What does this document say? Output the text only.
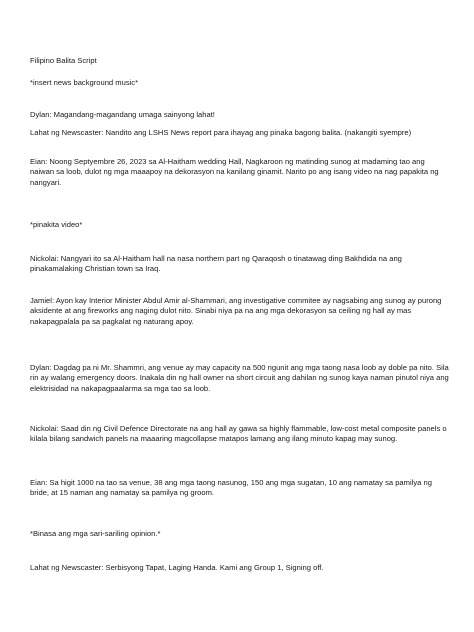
Filipino Balita Script

*insert news background music*

Dylan: Magandang-magandang umaga sainyong lahat!

Lahat ng Newscaster: Nandito ang LSHS News report para ihayag ang pinaka bagong balita. (nakangiti syempre)

Eian: Noong Septyembre 26, 2023 sa Al-Haitham wedding Hall, Nagkaroon ng matinding sunog at madaming tao ang naiwan sa loob, dulot ng mga maaapoy na dekorasyon na kanilang ginamit. Narito po ang isang video na nag papakita ng nangyari.

*pinakita video*

Nickolai: Nangyari ito sa Al-Haitham hall na nasa northern part ng Qaraqosh o tinatawag ding Bakhdida na ang pinakamalaking Christian town sa Iraq.

Jamiel: Ayon kay Interior Minister Abdul Amir al-Shammari, ang investigative commitee ay nagsabing ang sunog ay purong aksidente at ang fireworks ang naging dulot nito. Sinabi niya pa na ang mga dekorasyon sa ceiling ng hall ay mas nakapagpalala pa sa pagkalat ng naturang apoy.

Dylan: Dagdag pa ni Mr. Shammri, ang venue ay may capacity na 500 ngunit ang mga taong nasa loob ay doble pa nito. Sila rin ay walang emergency doors. Inakala din ng hall owner na short circuit ang dahilan ng sunog kaya naman pinutol niya ang elektrisidad na nakapagpaalarma sa mga tao sa loob.

Nickolai: Saad din ng Civil Defence Directorate na ang hall ay gawa sa highly flammable, low-cost metal composite panels o kilala bilang sandwich panels na maaaring magcollapse matapos lamang ang ilang minuto kapag may sunog.

Eian: Sa higit 1000 na tao sa venue, 38 ang mga taong nasunog, 150 ang mga sugatan, 10 ang namatay sa pamilya ng bride, at 15 naman ang namatay sa pamilya ng groom.

*Binasa ang mga sari-sariling opinion.*

Lahat ng Newscaster: Serbisyong Tapat, Laging Handa. Kami ang Group 1, Signing off.
